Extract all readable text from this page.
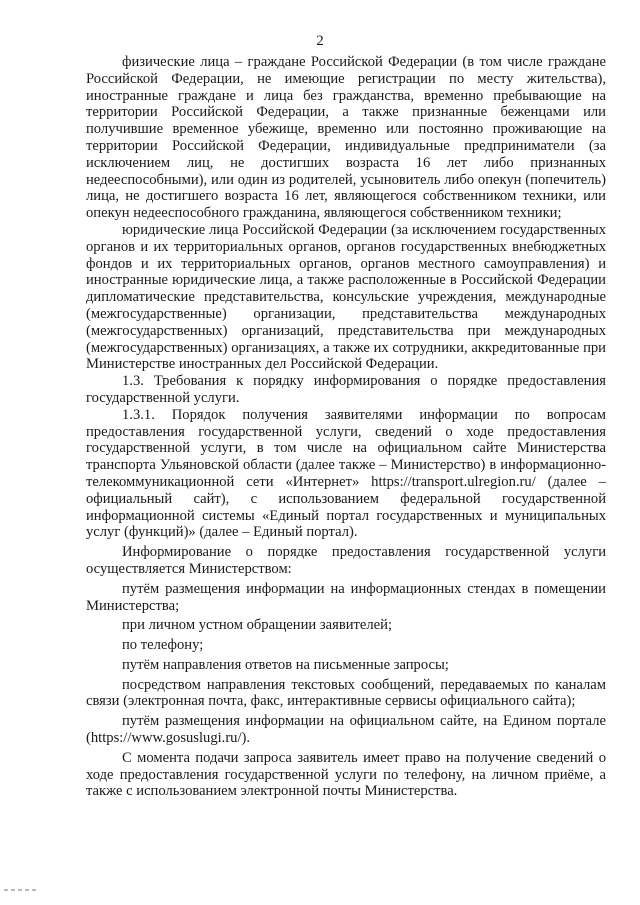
2

физические лица – граждане Российской Федерации (в том числе граждане Российской Федерации, не имеющие регистрации по месту жительства), иностранные граждане и лица без гражданства, временно пребывающие на территории Российской Федерации, а также признанные беженцами или получившие временное убежище, временно или постоянно проживающие на территории Российской Федерации, индивидуальные предприниматели (за исключением лиц, не достигших возраста 16 лет либо признанных недееспособными), или один из родителей, усыновитель либо опекун (попечитель) лица, не достигшего возраста 16 лет, являющегося собственником техники, или опекун недееспособного гражданина, являющегося собственником техники;

юридические лица Российской Федерации (за исключением государственных органов и их территориальных органов, органов государственных внебюджетных фондов и их территориальных органов, органов местного самоуправления) и иностранные юридические лица, а также расположенные в Российской Федерации дипломатические представительства, консульские учреждения, международные (межгосударственные) организации, представительства международных (межгосударственных) организаций, представительства при международных (межгосударственных) организациях, а также их сотрудники, аккредитованные при Министерстве иностранных дел Российской Федерации.

1.3. Требования к порядку информирования о порядке предоставления государственной услуги.

1.3.1. Порядок получения заявителями информации по вопросам предоставления государственной услуги, сведений о ходе предоставления государственной услуги, в том числе на официальном сайте Министерства транспорта Ульяновской области (далее также – Министерство) в информационно-телекоммуникационной сети «Интернет» https://transport.ulregion.ru/ (далее – официальный сайт), с использованием федеральной государственной информационной системы «Единый портал государственных и муниципальных услуг (функций)» (далее – Единый портал).

Информирование о порядке предоставления государственной услуги осуществляется Министерством:

путём размещения информации на информационных стендах в помещении Министерства;

при личном устном обращении заявителей;

по телефону;

путём направления ответов на письменные запросы;

посредством направления текстовых сообщений, передаваемых по каналам связи (электронная почта, факс, интерактивные сервисы официального сайта);

путём размещения информации на официальном сайте, на Едином портале (https://www.gosuslugi.ru/).

С момента подачи запроса заявитель имеет право на получение сведений о ходе предоставления государственной услуги по телефону, на личном приёме, а также с использованием электронной почты Министерства.
